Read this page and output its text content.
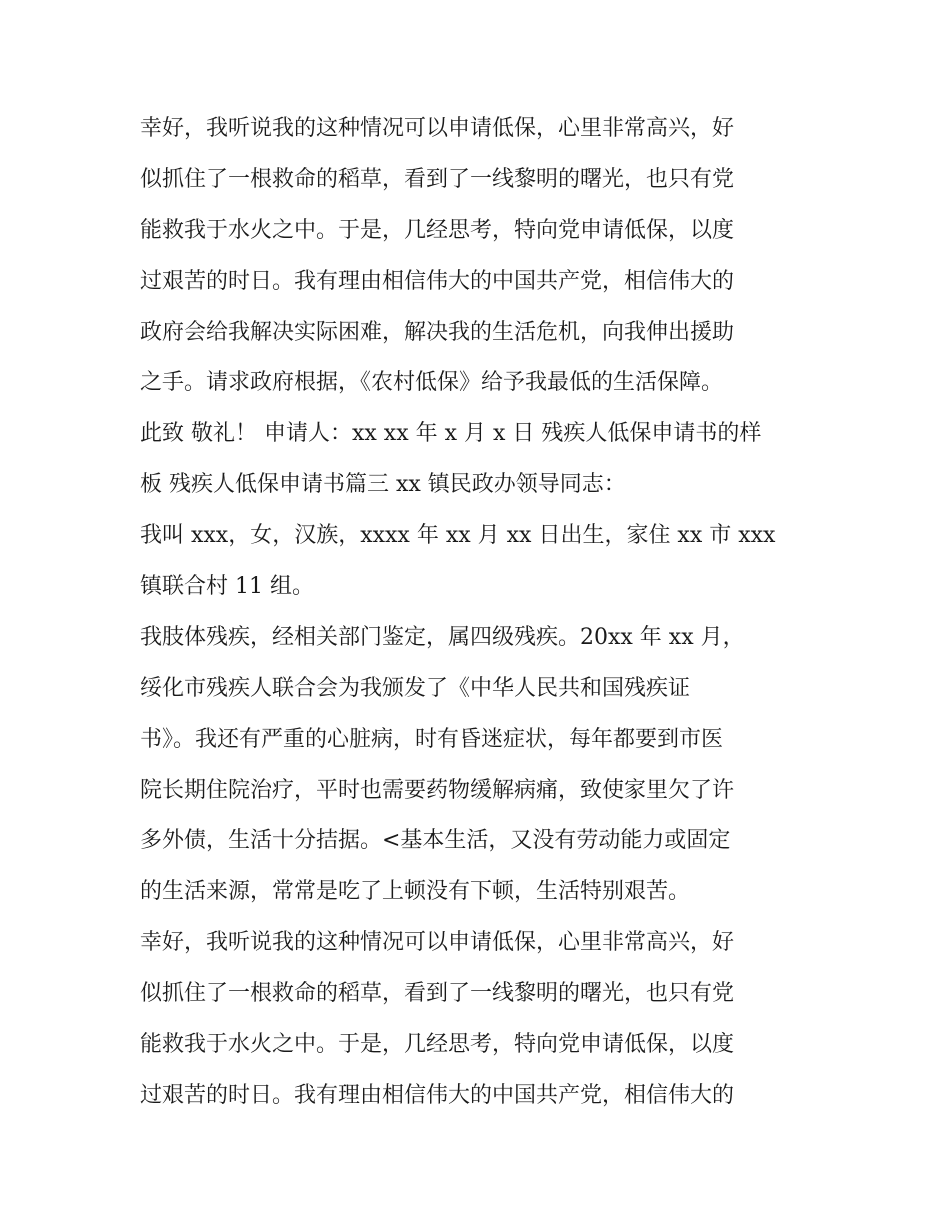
幸好，我听说我的这种情况可以申请低保，心里非常高兴，好
似抓住了一根救命的稻草，看到了一线黎明的曙光，也只有党
能救我于水火之中。于是，几经思考，特向党申请低保，以度
过艰苦的时日。我有理由相信伟大的中国共产党，相信伟大的
政府会给我解决实际困难，解决我的生活危机，向我伸出援助
之手。请求政府根据，《农村低保》给予我最低的生活保障。
此致 敬礼！ 申请人：xx xx 年 x 月 x 日 残疾人低保申请书的样
板 残疾人低保申请书篇三 xx 镇民政办领导同志：
我叫 xxx，女，汉族，xxxx 年 xx 月 xx 日出生，家住 xx 市 xxx
镇联合村 11 组。
我肢体残疾，经相关部门鉴定，属四级残疾。20xx 年 xx 月，
绥化市残疾人联合会为我颁发了《中华人民共和国残疾证
书》。我还有严重的心脏病，时有昏迷症状，每年都要到市医
院长期住院治疗，平时也需要药物缓解病痛，致使家里欠了许
多外债，生活十分拮据。<基本生活，又没有劳动能力或固定
的生活来源，常常是吃了上顿没有下顿，生活特别艰苦。
幸好，我听说我的这种情况可以申请低保，心里非常高兴，好
似抓住了一根救命的稻草，看到了一线黎明的曙光，也只有党
能救我于水火之中。于是，几经思考，特向党申请低保，以度
过艰苦的时日。我有理由相信伟大的中国共产党，相信伟大的
